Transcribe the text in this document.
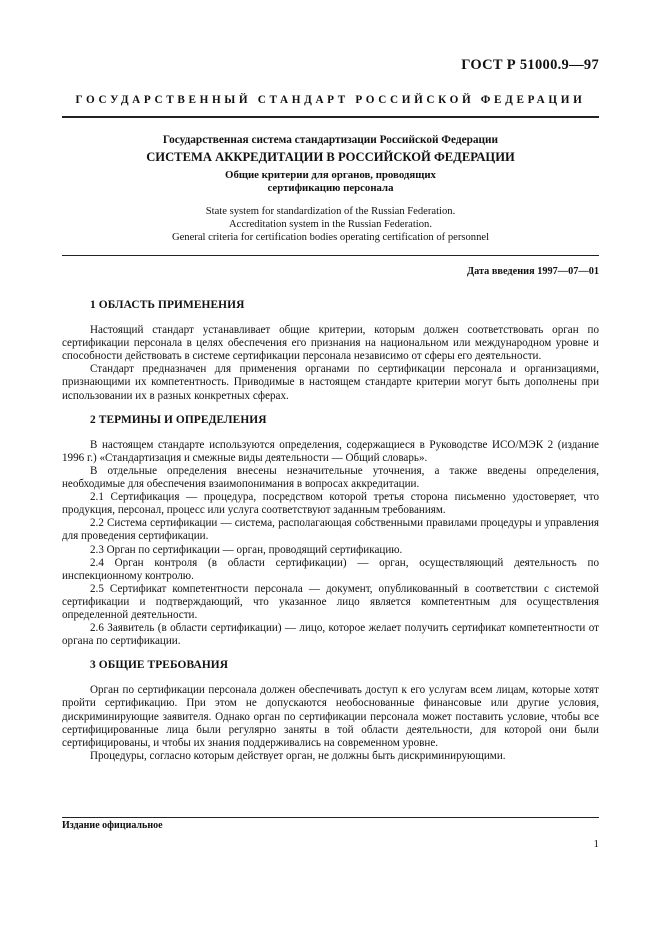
ГОСТ Р 51000.9—97
ГОСУДАРСТВЕННЫЙ СТАНДАРТ РОССИЙСКОЙ ФЕДЕРАЦИИ

Государственная система стандартизации Российской Федерации

СИСТЕМА АККРЕДИТАЦИИ В РОССИЙСКОЙ ФЕДЕРАЦИИ

Общие критерии для органов, проводящих

сертификацию персонала

State system for standardization of the Russian Federation.
Accreditation system in the Russian Federation.
General criteria for certification bodies operating certification of personnel
Дата введения 1997—07—01
1 ОБЛАСТЬ ПРИМЕНЕНИЯ

Настоящий стандарт устанавливает общие критерии, которым должен соответствовать орган по сертификации персонала в целях обеспечения его признания на национальном или международном уровне и способности действовать в системе сертификации персонала независимо от сферы его деятельности.

Стандарт предназначен для применения органами по сертификации персонала и организациями, признающими их компетентность. Приводимые в настоящем стандарте критерии могут быть дополнены при использовании их в разных конкретных сферах.

2 ТЕРМИНЫ И ОПРЕДЕЛЕНИЯ

В настоящем стандарте используются определения, содержащиеся в Руководстве ИСО/МЭК 2 (издание 1996 г.) «Стандартизация и смежные виды деятельности — Общий словарь».

В отдельные определения внесены незначительные уточнения, а также введены определения, необходимые для обеспечения взаимопонимания в вопросах аккредитации.

2.1 Сертификация — процедура, посредством которой третья сторона письменно удостоверяет, что продукция, персонал, процесс или услуга соответствуют заданным требованиям.

2.2 Система сертификации — система, располагающая собственными правилами процедуры и управления для проведения сертификации.

2.3 Орган по сертификации — орган, проводящий сертификацию.

2.4 Орган контроля (в области сертификации) — орган, осуществляющий деятельность по инспекционному контролю.

2.5 Сертификат компетентности персонала — документ, опубликованный в соответствии с системой сертификации и подтверждающий, что указанное лицо является компетентным для осуществления определенной деятельности.

2.6 Заявитель (в области сертификации) — лицо, которое желает получить сертификат компетентности от органа по сертификации.

3 ОБЩИЕ ТРЕБОВАНИЯ

Орган по сертификации персонала должен обеспечивать доступ к его услугам всем лицам, которые хотят пройти сертификацию. При этом не допускаются необоснованные финансовые или другие условия, дискриминирующие заявителя. Однако орган по сертификации персонала может поставить условие, чтобы все сертифицированные лица были регулярно заняты в той области деятельности, для которой они были сертифицированы, и чтобы их знания поддерживались на современном уровне.

Процедуры, согласно которым действует орган, не должны быть дискриминирующими.

Издание официальное
1
